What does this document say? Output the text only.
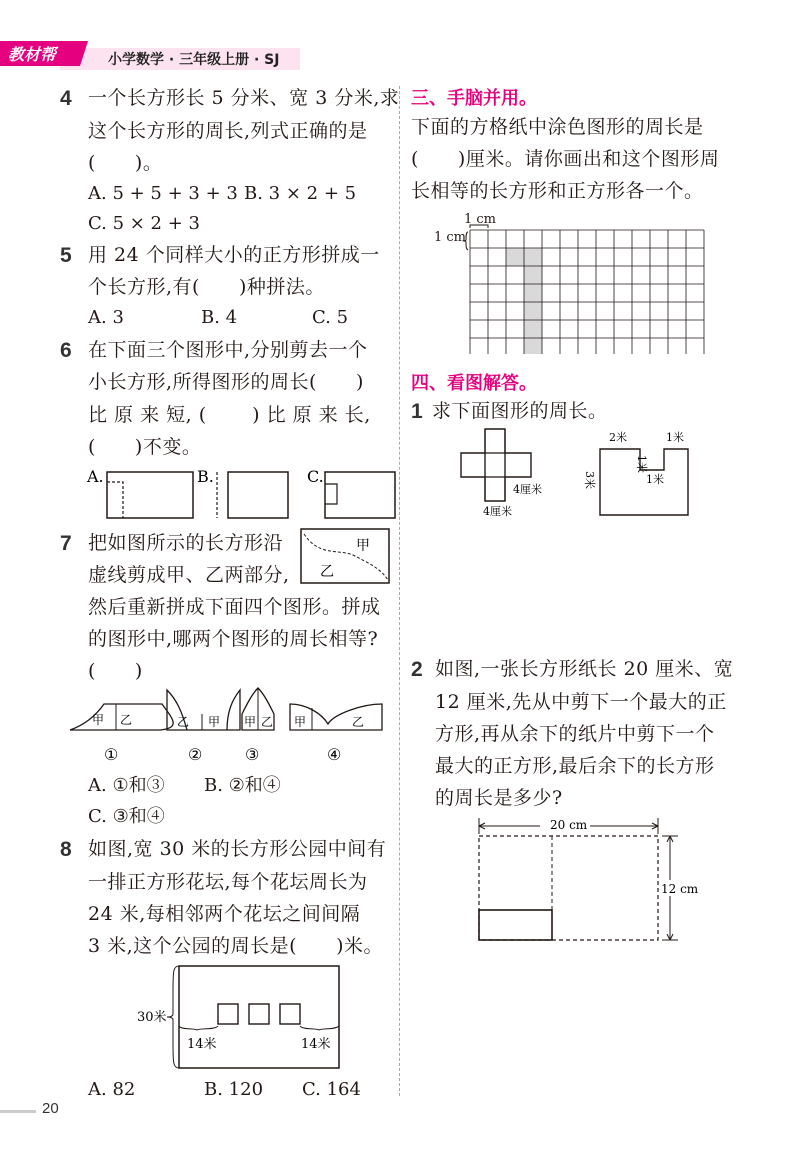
教材帮	小学数学 · 三年级上册 · SJ
4 一个长方形长 5 分米、宽 3 分米,求
这个长方形的周长,列式正确的是
(　　)。
A. 5 + 5 + 3 + 3 B. 3 × 2 + 5
C. 5 × 2 + 3
5 用 24 个同样大小的正方形拼成一
个长方形,有(　　)种拼法。
A. 3	B. 4	C. 5
6 在下面三个图形中,分别剪去一个
小长方形,所得图形的周长(　　)
比 原 来 短, (　　 ) 比 原 来 长,
(　　)不变。
A.	B.	C.
7 把如图所示的长方形沿
虚线剪成甲、乙两部分,
然后重新拼成下面四个图形。拼成
的图形中,哪两个图形的周长相等?
(　　)
甲
乙
甲 乙	乙 甲 甲 乙 甲	乙
①	②	③	④
A. ①和③ B. ②和④
C. ③和④
8 如图,宽 30 米的长方形公园中间有
一排正方形花坛,每个花坛周长为
24 米,每相邻两个花坛之间间隔
3 米,这个公园的周长是(　　)米。
30米
14米	14米
A. 82	B. 120 C. 164
三、手脑并用。
下面的方格纸中涂色图形的周长是
(　　)厘米。请你画出和这个图形周
长相等的长方形和正方形各一个。
1 cm
1 cm
四、看图解答。
1 求下面图形的周长。
4厘米
4厘米
2米	1米
1米
1米
3米
2 如图,一张长方形纸长 20 厘米、宽
12 厘米,先从中剪下一个最大的正
方形,再从余下的纸片中剪下一个
最大的正方形,最后余下的长方形
的周长是多少?
20 cm
12 cm
20
